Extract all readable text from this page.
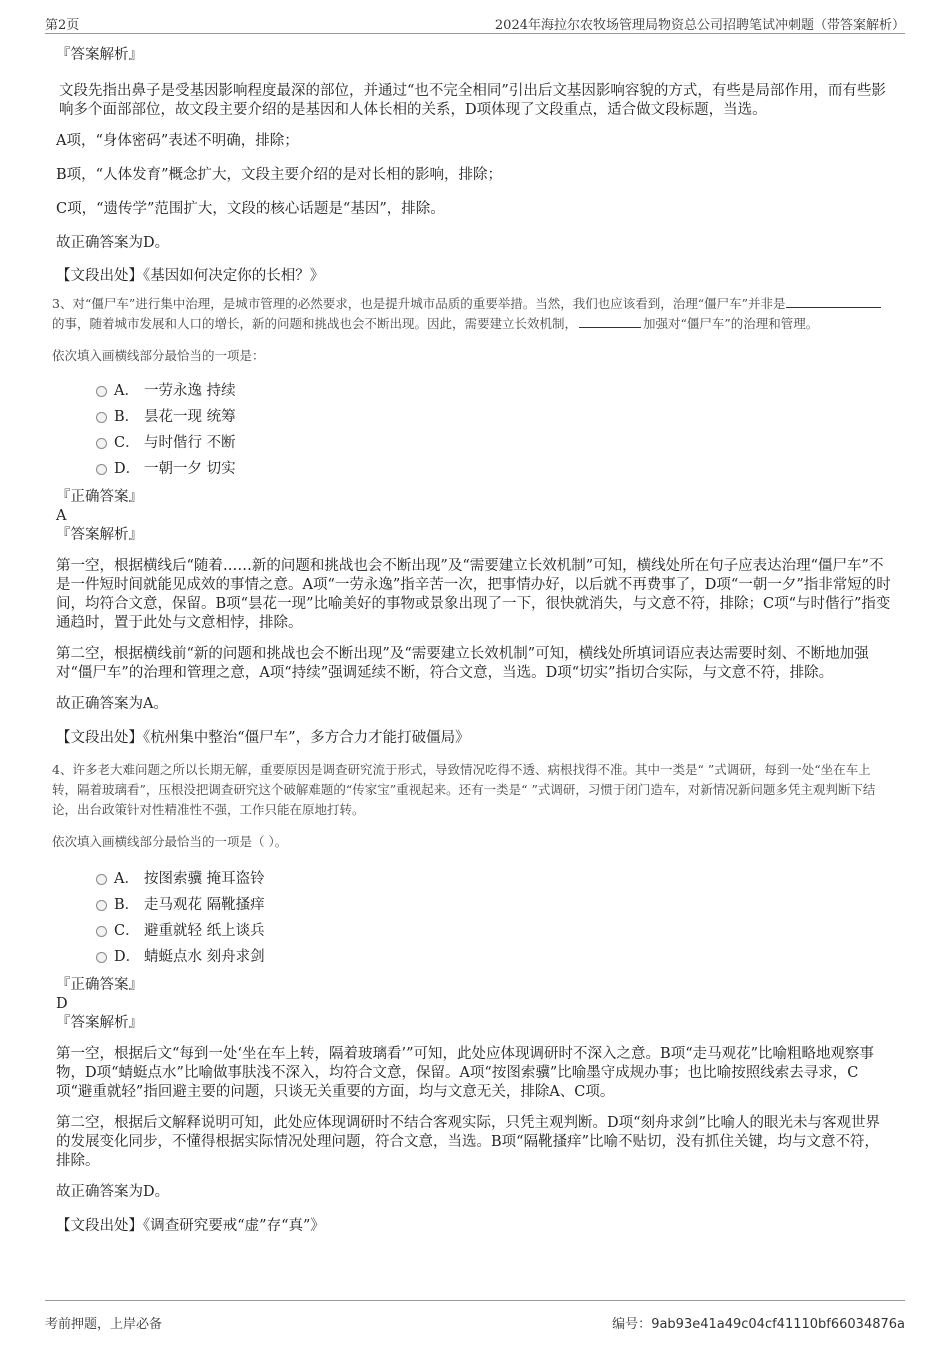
第2页	2024年海拉尔农牧场管理局物资总公司招聘笔试冲刺题（带答案解析）

『答案解析』

文段先指出鼻子是受基因影响程度最深的部位，并通过“也不完全相同”引出后文基因影响容貌的方式，有些是局部作用，而有些影响多个面部部位，故文段主要介绍的是基因和人体长相的关系，D项体现了文段重点，适合做文段标题，当选。

A项，“身体密码”表述不明确，排除；

B项，“人体发育”概念扩大，文段主要介绍的是对长相的影响，排除；

C项，“遗传学”范围扩大，文段的核心话题是“基因”，排除。

故正确答案为D。

【文段出处】《基因如何决定你的长相？》

3、对“僵尸车”进行集中治理，是城市管理的必然要求，也是提升城市品质的重要举措。当然，我们也应该看到，治理“僵尸车”并非是的事，随着城市发展和人口的增长，新的问题和挑战也会不断出现。因此，需要建立长效机制，	加强对“僵尸车”的治理和管理。

依次填入画横线部分最恰当的一项是：

A． 一劳永逸 持续
B． 昙花一现 统筹
C． 与时偕行 不断
D． 一朝一夕 切实

『正确答案』

A

『答案解析』

第一空，根据横线后“随着……新的问题和挑战也会不断出现”及“需要建立长效机制”可知，横线处所在句子应表达治理“僵尸车”不是一件短时间就能见成效的事情之意。A项“一劳永逸”指辛苦一次，把事情办好，以后就不再费事了，D项“一朝一夕”指非常短的时间，均符合文意，保留。B项“昙花一现”比喻美好的事物或景象出现了一下，很快就消失，与文意不符，排除；C项“与时偕行”指变通趋时，置于此处与文意相悖，排除。

第二空，根据横线前“新的问题和挑战也会不断出现”及“需要建立长效机制”可知，横线处所填词语应表达需要时刻、不断地加强对“僵尸车”的治理和管理之意，A项“持续”强调延续不断，符合文意，当选。D项“切实”指切合实际，与文意不符，排除。

故正确答案为A。

【文段出处】《杭州集中整治“僵尸车”，多方合力才能打破僵局》

4、许多老大难问题之所以长期无解，重要原因是调查研究流于形式，导致情况吃得不透、病根找得不准。其中一类是“ ”式调研，每到一处“坐在车上转，隔着玻璃看”，压根没把调查研究这个破解难题的“传家宝”重视起来。还有一类是“ ”式调研，习惯于闭门造车，对新情况新问题多凭主观判断下结论，出台政策针对性精准性不强，工作只能在原地打转。

依次填入画横线部分最恰当的一项是（ ）。

A． 按图索骥 掩耳盗铃
B． 走马观花 隔靴搔痒
C． 避重就轻 纸上谈兵
D． 蜻蜓点水 刻舟求剑

『正确答案』

D

『答案解析』

第一空，根据后文“每到一处‘坐在车上转，隔着玻璃看’”可知，此处应体现调研时不深入之意。B项“走马观花”比喻粗略地观察事物，D项“蜻蜓点水”比喻做事肤浅不深入，均符合文意，保留。A项“按图索骥”比喻墨守成规办事；也比喻按照线索去寻求，C项“避重就轻”指回避主要的问题，只谈无关重要的方面，均与文意无关，排除A、C项。

第二空，根据后文解释说明可知，此处应体现调研时不结合客观实际，只凭主观判断。D项“刻舟求剑”比喻人的眼光未与客观世界的发展变化同步，不懂得根据实际情况处理问题，符合文意，当选。B项“隔靴搔痒”比喻不贴切，没有抓住关键，均与文意不符，排除。

故正确答案为D。

【文段出处】《调查研究要戒“虚”存“真”》

考前押题，上岸必备	编号：9ab93e41a49c04cf41110bf66034876a
